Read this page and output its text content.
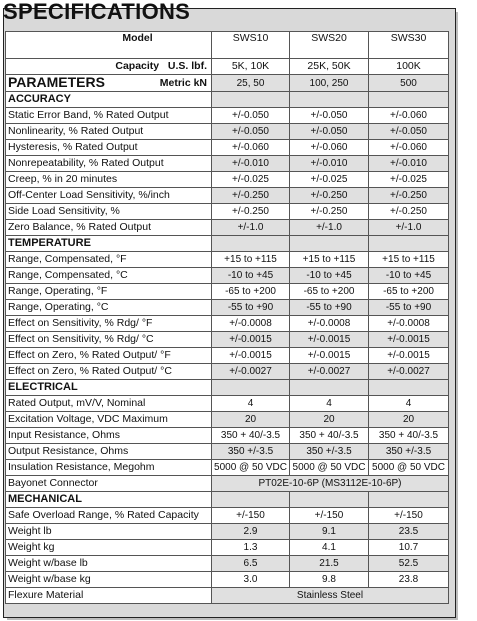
SPECIFICATIONS
Model	SWS10	SWS20	SWS30
Capacity U.S. lbf.	5K, 10K	25K, 50K	100K
PARAMETERS Metric kN	25, 50	100, 250	500
ACCURACY			
Static Error Band, % Rated Output	+/-0.050	+/-0.050	+/-0.060
Nonlinearity, % Rated Output	+/-0.050	+/-0.050	+/-0.050
Hysteresis, % Rated Output	+/-0.060	+/-0.060	+/-0.060
Nonrepeatability, % Rated Output	+/-0.010	+/-0.010	+/-0.010
Creep, % in 20 minutes	+/-0.025	+/-0.025	+/-0.025
Off-Center Load Sensitivity, %/inch	+/-0.250	+/-0.250	+/-0.250
Side Load Sensitivity, %	+/-0.250	+/-0.250	+/-0.250
Zero Balance, % Rated Output	+/-1.0	+/-1.0	+/-1.0
TEMPERATURE			
Range, Compensated, °F	+15 to +115	+15 to +115	+15 to +115
Range, Compensated, °C	-10 to +45	-10 to +45	-10 to +45
Range, Operating, °F	-65 to +200	-65 to +200	-65 to +200
Range, Operating, °C	-55 to +90	-55 to +90	-55 to +90
Effect on Sensitivity, % Rdg/ °F	+/-0.0008	+/-0.0008	+/-0.0008
Effect on Sensitivity, % Rdg/ °C	+/-0.0015	+/-0.0015	+/-0.0015
Effect on Zero, % Rated Output/ °F	+/-0.0015	+/-0.0015	+/-0.0015
Effect on Zero, % Rated Output/ °C	+/-0.0027	+/-0.0027	+/-0.0027
ELECTRICAL			
Rated Output, mV/V, Nominal	4	4	4
Excitation Voltage, VDC Maximum	20	20	20
Input Resistance, Ohms	350 + 40/-3.5	350 + 40/-3.5	350 + 40/-3.5
Output Resistance, Ohms	350 +/-3.5	350 +/-3.5	350 +/-3.5
Insulation Resistance, Megohm	5000 @ 50 VDC	5000 @ 50 VDC	5000 @ 50 VDC
Bayonet Connector	PT02E-10-6P (MS3112E-10-6P)		
MECHANICAL			
Safe Overload Range, % Rated Capacity	+/-150	+/-150	+/-150
Weight lb	2.9	9.1	23.5
Weight kg	1.3	4.1	10.7
Weight w/base lb	6.5	21.5	52.5
Weight w/base kg	3.0	9.8	23.8
Flexure Material	Stainless Steel		
